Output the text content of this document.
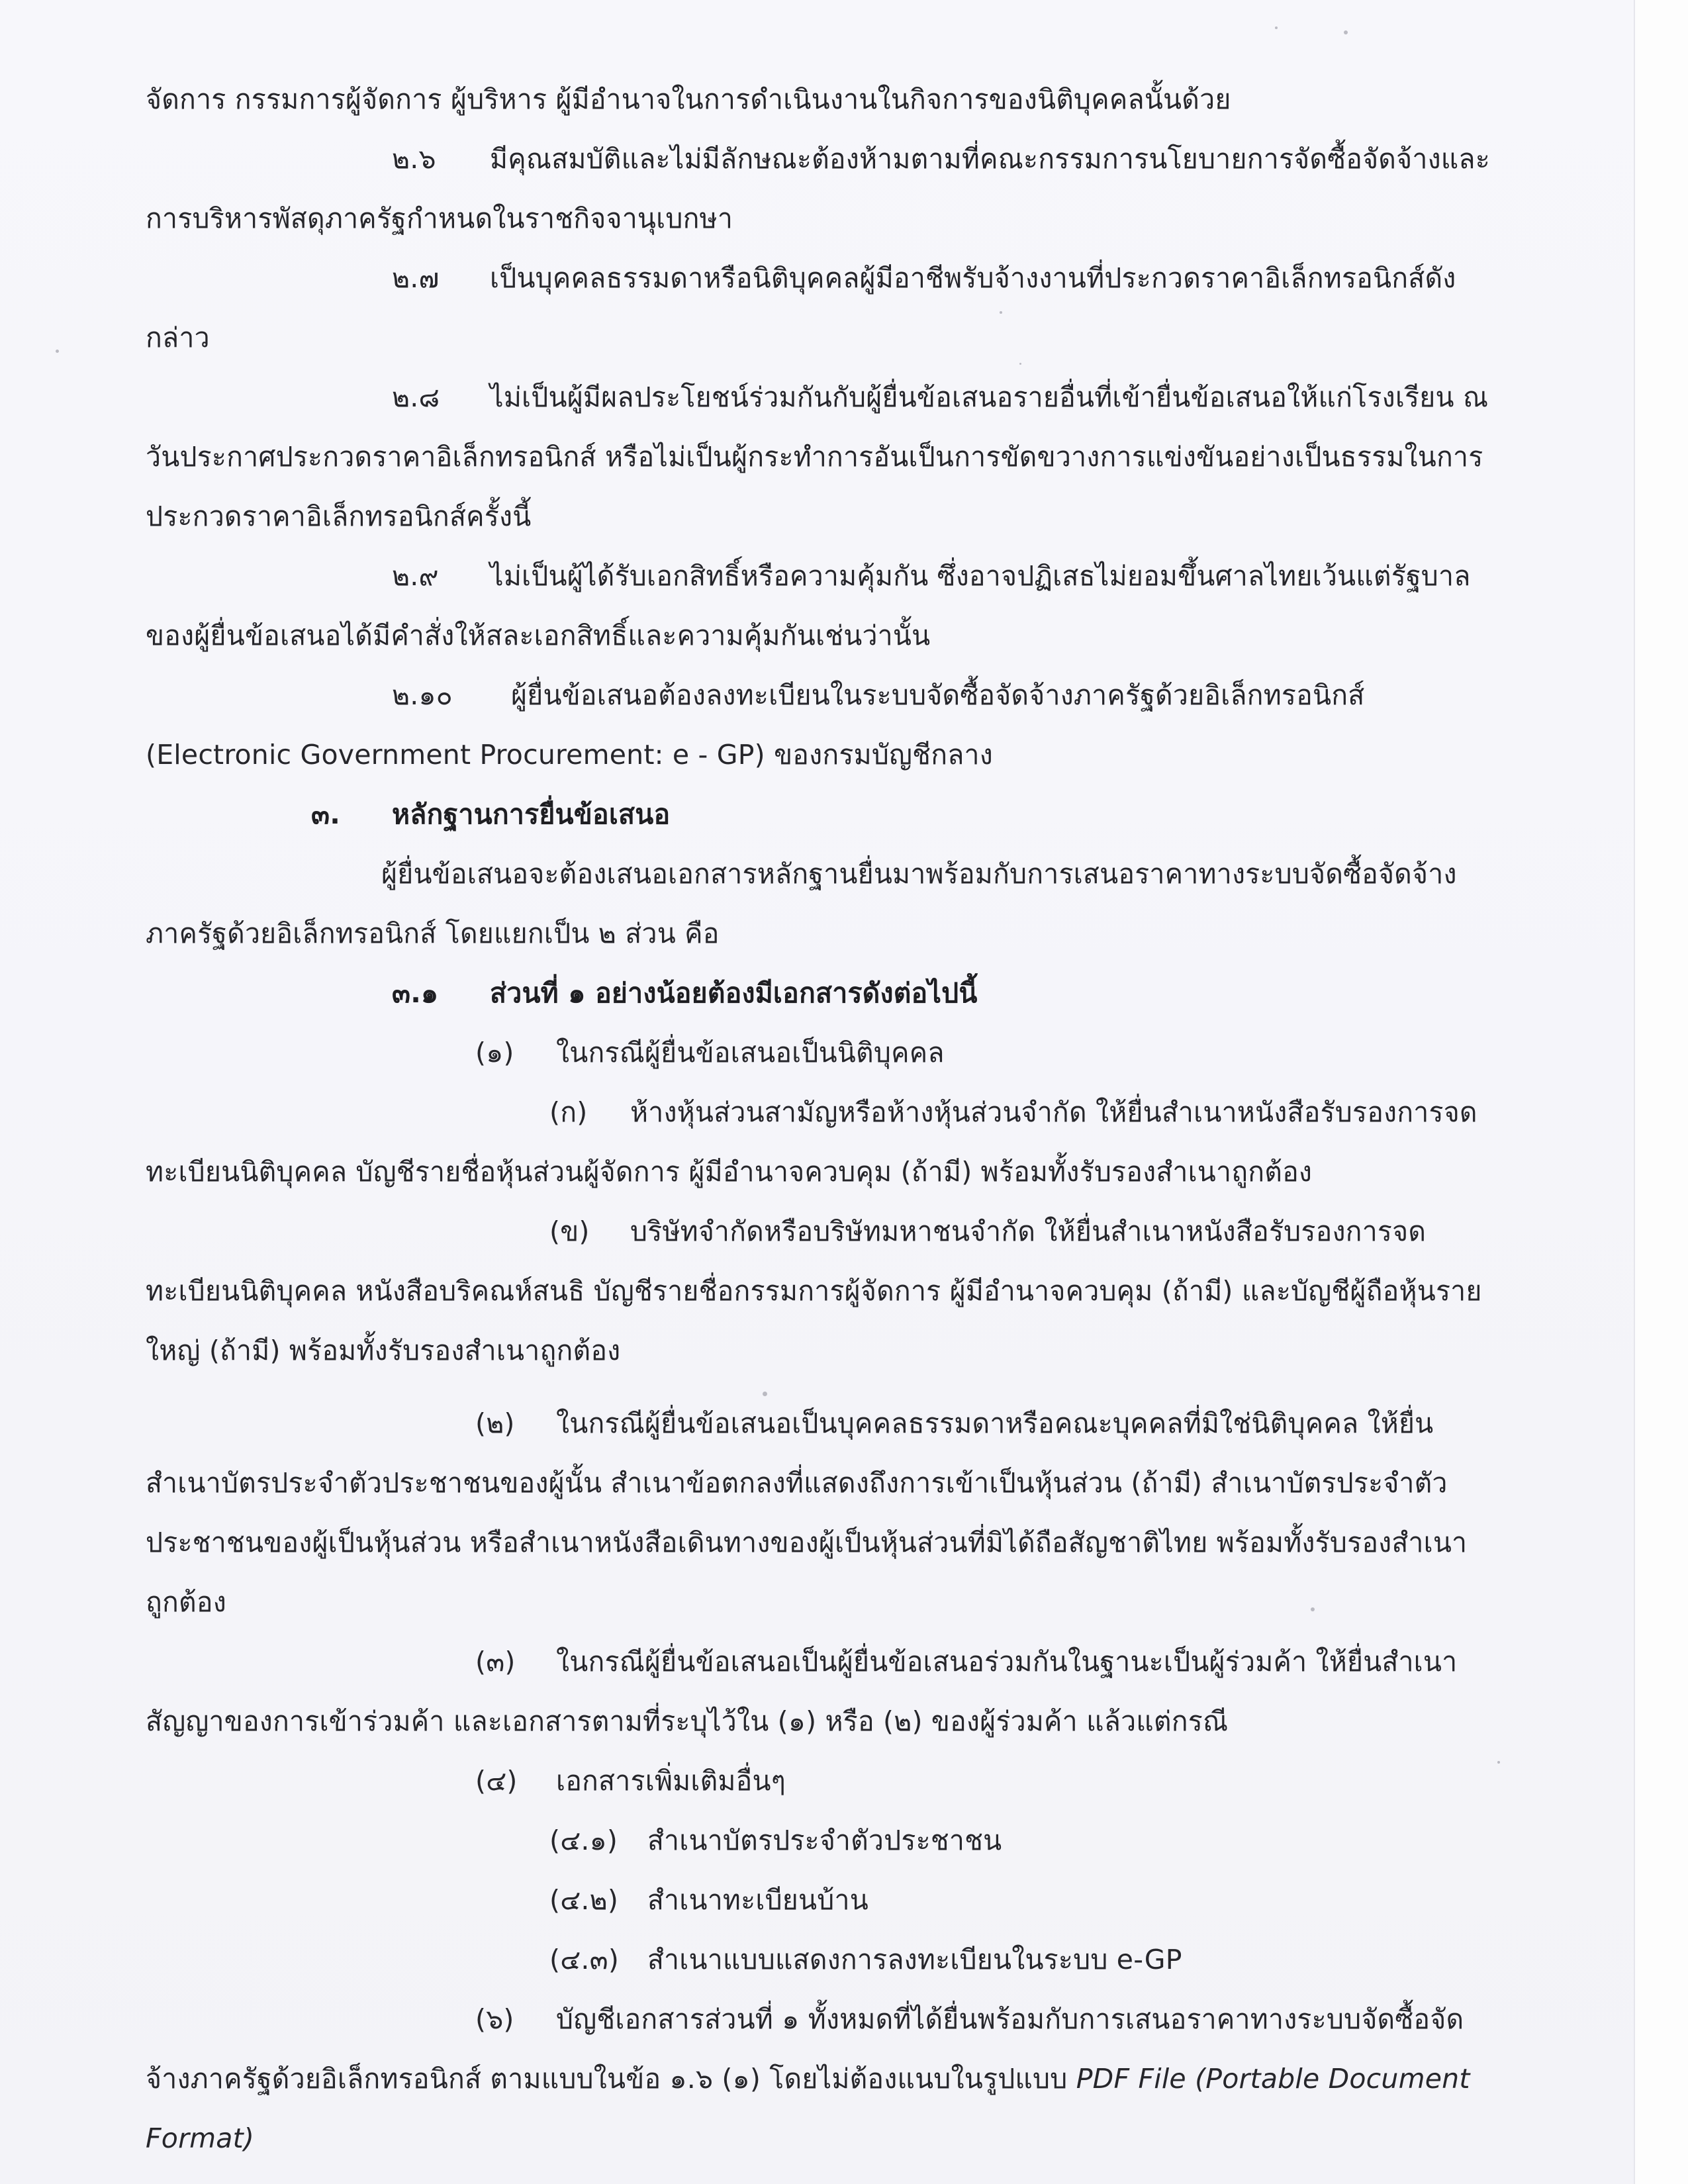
จัดการ กรรมการผู้จัดการ ผู้บริหาร ผู้มีอำนาจในการดำเนินงานในกิจการของนิติบุคคลนั้นด้วย
๒.๖ มีคุณสมบัติและไม่มีลักษณะต้องห้ามตามที่คณะกรรมการนโยบายการจัดซื้อจัดจ้างและ
การบริหารพัสดุภาครัฐกำหนดในราชกิจจานุเบกษา
๒.๗ เป็นบุคคลธรรมดาหรือนิติบุคคลผู้มีอาชีพรับจ้างงานที่ประกวดราคาอิเล็กทรอนิกส์ดัง
กล่าว
๒.๘ ไม่เป็นผู้มีผลประโยชน์ร่วมกันกับผู้ยื่นข้อเสนอรายอื่นที่เข้ายื่นข้อเสนอให้แก่โรงเรียน ณ
วันประกาศประกวดราคาอิเล็กทรอนิกส์ หรือไม่เป็นผู้กระทำการอันเป็นการขัดขวางการแข่งขันอย่างเป็นธรรมในการ
ประกวดราคาอิเล็กทรอนิกส์ครั้งนี้
๒.๙ ไม่เป็นผู้ได้รับเอกสิทธิ์หรือความคุ้มกัน ซึ่งอาจปฏิเสธไม่ยอมขึ้นศาลไทยเว้นแต่รัฐบาล
ของผู้ยื่นข้อเสนอได้มีคำสั่งให้สละเอกสิทธิ์และความคุ้มกันเช่นว่านั้น
๒.๑๐ ผู้ยื่นข้อเสนอต้องลงทะเบียนในระบบจัดซื้อจัดจ้างภาครัฐด้วยอิเล็กทรอนิกส์
(Electronic Government Procurement: e - GP) ของกรมบัญชีกลาง
๓. หลักฐานการยื่นข้อเสนอ
ผู้ยื่นข้อเสนอจะต้องเสนอเอกสารหลักฐานยื่นมาพร้อมกับการเสนอราคาทางระบบจัดซื้อจัดจ้าง
ภาครัฐด้วยอิเล็กทรอนิกส์ โดยแยกเป็น ๒ ส่วน คือ
๓.๑ ส่วนที่ ๑ อย่างน้อยต้องมีเอกสารดังต่อไปนี้
(๑) ในกรณีผู้ยื่นข้อเสนอเป็นนิติบุคคล
(ก) ห้างหุ้นส่วนสามัญหรือห้างหุ้นส่วนจำกัด ให้ยื่นสำเนาหนังสือรับรองการจด
ทะเบียนนิติบุคคล บัญชีรายชื่อหุ้นส่วนผู้จัดการ ผู้มีอำนาจควบคุม (ถ้ามี) พร้อมทั้งรับรองสำเนาถูกต้อง
(ข) บริษัทจำกัดหรือบริษัทมหาชนจำกัด ให้ยื่นสำเนาหนังสือรับรองการจด
ทะเบียนนิติบุคคล หนังสือบริคณห์สนธิ บัญชีรายชื่อกรรมการผู้จัดการ ผู้มีอำนาจควบคุม (ถ้ามี) และบัญชีผู้ถือหุ้นราย
ใหญ่ (ถ้ามี) พร้อมทั้งรับรองสำเนาถูกต้อง
(๒) ในกรณีผู้ยื่นข้อเสนอเป็นบุคคลธรรมดาหรือคณะบุคคลที่มิใช่นิติบุคคล ให้ยื่น
สำเนาบัตรประจำตัวประชาชนของผู้นั้น สำเนาข้อตกลงที่แสดงถึงการเข้าเป็นหุ้นส่วน (ถ้ามี) สำเนาบัตรประจำตัว
ประชาชนของผู้เป็นหุ้นส่วน หรือสำเนาหนังสือเดินทางของผู้เป็นหุ้นส่วนที่มิได้ถือสัญชาติไทย พร้อมทั้งรับรองสำเนา
ถูกต้อง
(๓) ในกรณีผู้ยื่นข้อเสนอเป็นผู้ยื่นข้อเสนอร่วมกันในฐานะเป็นผู้ร่วมค้า ให้ยื่นสำเนา
สัญญาของการเข้าร่วมค้า และเอกสารตามที่ระบุไว้ใน (๑) หรือ (๒) ของผู้ร่วมค้า แล้วแต่กรณี
(๔) เอกสารเพิ่มเติมอื่นๆ
(๔.๑) สำเนาบัตรประจำตัวประชาชน
(๔.๒) สำเนาทะเบียนบ้าน
(๔.๓) สำเนาแบบแสดงการลงทะเบียนในระบบ e-GP
(๖) บัญชีเอกสารส่วนที่ ๑ ทั้งหมดที่ได้ยื่นพร้อมกับการเสนอราคาทางระบบจัดซื้อจัด
จ้างภาครัฐด้วยอิเล็กทรอนิกส์ ตามแบบในข้อ ๑.๖ (๑) โดยไม่ต้องแนบในรูปแบบ PDF File (Portable Document
Format)
